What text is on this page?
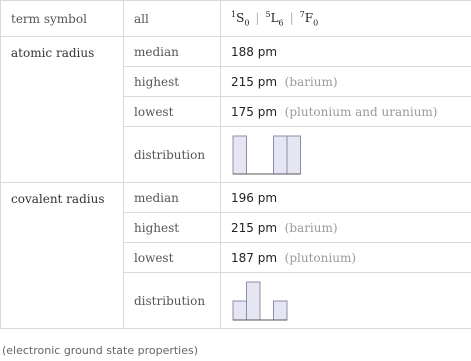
term symbol	all	$^1S_0$ | $^5L_6$ | $^7F_0$
atomic radius	median	188 pm
	highest	215 pm (barium)
	lowest	175 pm (plutonium and uranium)
	distribution	

covalent radius	median	196 pm
	highest	215 pm (barium)
	lowest	187 pm (plutonium)
	distribution	
(electronic ground state properties)
